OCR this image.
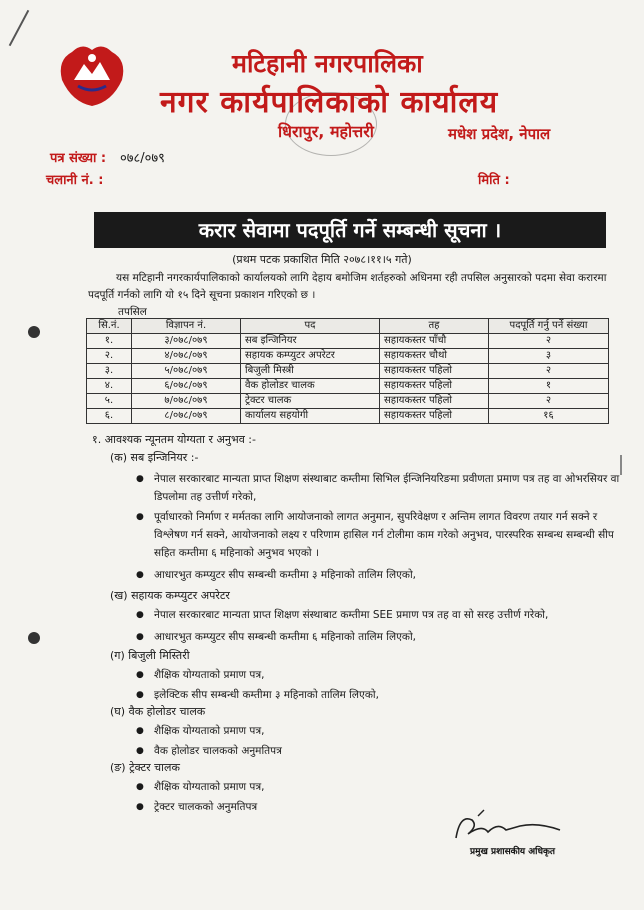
मटिहानी नगरपालिका
नगर कार्यपालिकाको कार्यालय
धिरापुर, महोत्तरी	मधेश प्रदेश, नेपाल
पत्र संख्या : ०७८/०७९
चलानी नं. :	मिति :
करार सेवामा पदपूर्ति गर्ने सम्बन्धी सूचना ।
(प्रथम पटक प्रकाशित मिति २०७८।११।५ गते)
यस मटिहानी नगरकार्यपालिकाको कार्यालयको लागि देहाय बमोजिम शर्तहरुको अधिनमा रही तपसिल अनुसारको पदमा सेवा करारमा पदपूर्ति गर्नको लागि यो १५ दिने सूचना प्रकाशन गरिएको छ ।
तपसिल
सि.नं.	विज्ञापन नं.	पद	तह	पदपूर्ति गर्नु पर्ने संख्या
१.	३/०७८/०७९	सब इन्जिनियर	सहायकस्तर पाँचौ	२
२.	४/०७८/०७९	सहायक कम्प्युटर अपरेटर	सहायकस्तर चौथो	३
३.	५/०७८/०७९	बिजुली मिस्त्री	सहायकस्तर पहिलो	२
४.	६/०७८/०७९	वैक होलोडर चालक	सहायकस्तर पहिलो	१
५.	७/०७८/०७९	ट्रेक्टर चालक	सहायकस्तर पहिलो	२
६.	८/०७८/०७९	कार्यालय सहयोगी	सहायकस्तर पहिलो	१६
१. आवश्यक न्यूनतम योग्यता र अनुभव :-
(क) सब इन्जिनियर :-
● नेपाल सरकारबाट मान्यता प्राप्त शिक्षण संस्थाबाट कम्तीमा सिभिल ईन्जिनियरिङमा प्रवीणता प्रमाण पत्र तह वा ओभरसियर वा डिपलोमा तह उत्तीर्ण गरेको,
● पूर्वाधारको निर्माण र मर्मतका लागि आयोजनाको लागत अनुमान, सुपरिवेक्षण र अन्तिम लागत विवरण तयार गर्न सक्ने र विश्लेषण गर्न सक्ने, आयोजनाको लक्ष्य र परिणाम हासिल गर्न टोलीमा काम गरेको अनुभव, पारस्परिक सम्बन्ध सम्बन्धी सीप सहित कम्तीमा ६ महिनाको अनुभव भएको ।
● आधारभुत कम्प्युटर सीप सम्बन्धी कम्तीमा ३ महिनाको तालिम लिएको,
(ख) सहायक कम्प्युटर अपरेटर
● नेपाल सरकारबाट मान्यता प्राप्त शिक्षण संस्थाबाट कम्तीमा SEE प्रमाण पत्र तह वा सो सरह उत्तीर्ण गरेको,
● आधारभुत कम्प्युटर सीप सम्बन्धी कम्तीमा ६ महिनाको तालिम लिएको,
(ग) बिजुली मिस्तिरी
● शैक्षिक योग्यताको प्रमाण पत्र,
● इलेक्टिक सीप सम्बन्धी कम्तीमा ३ महिनाको तालिम लिएको,
(घ) वैक होलोडर चालक
● शैक्षिक योग्यताको प्रमाण पत्र,
● वैक होलोडर चालकको अनुमतिपत्र
(ङ) ट्रेक्टर चालक
● शैक्षिक योग्यताको प्रमाण पत्र,
● ट्रेक्टर चालकको अनुमतिपत्र
प्रमुख प्रशासकीय अधिकृत
